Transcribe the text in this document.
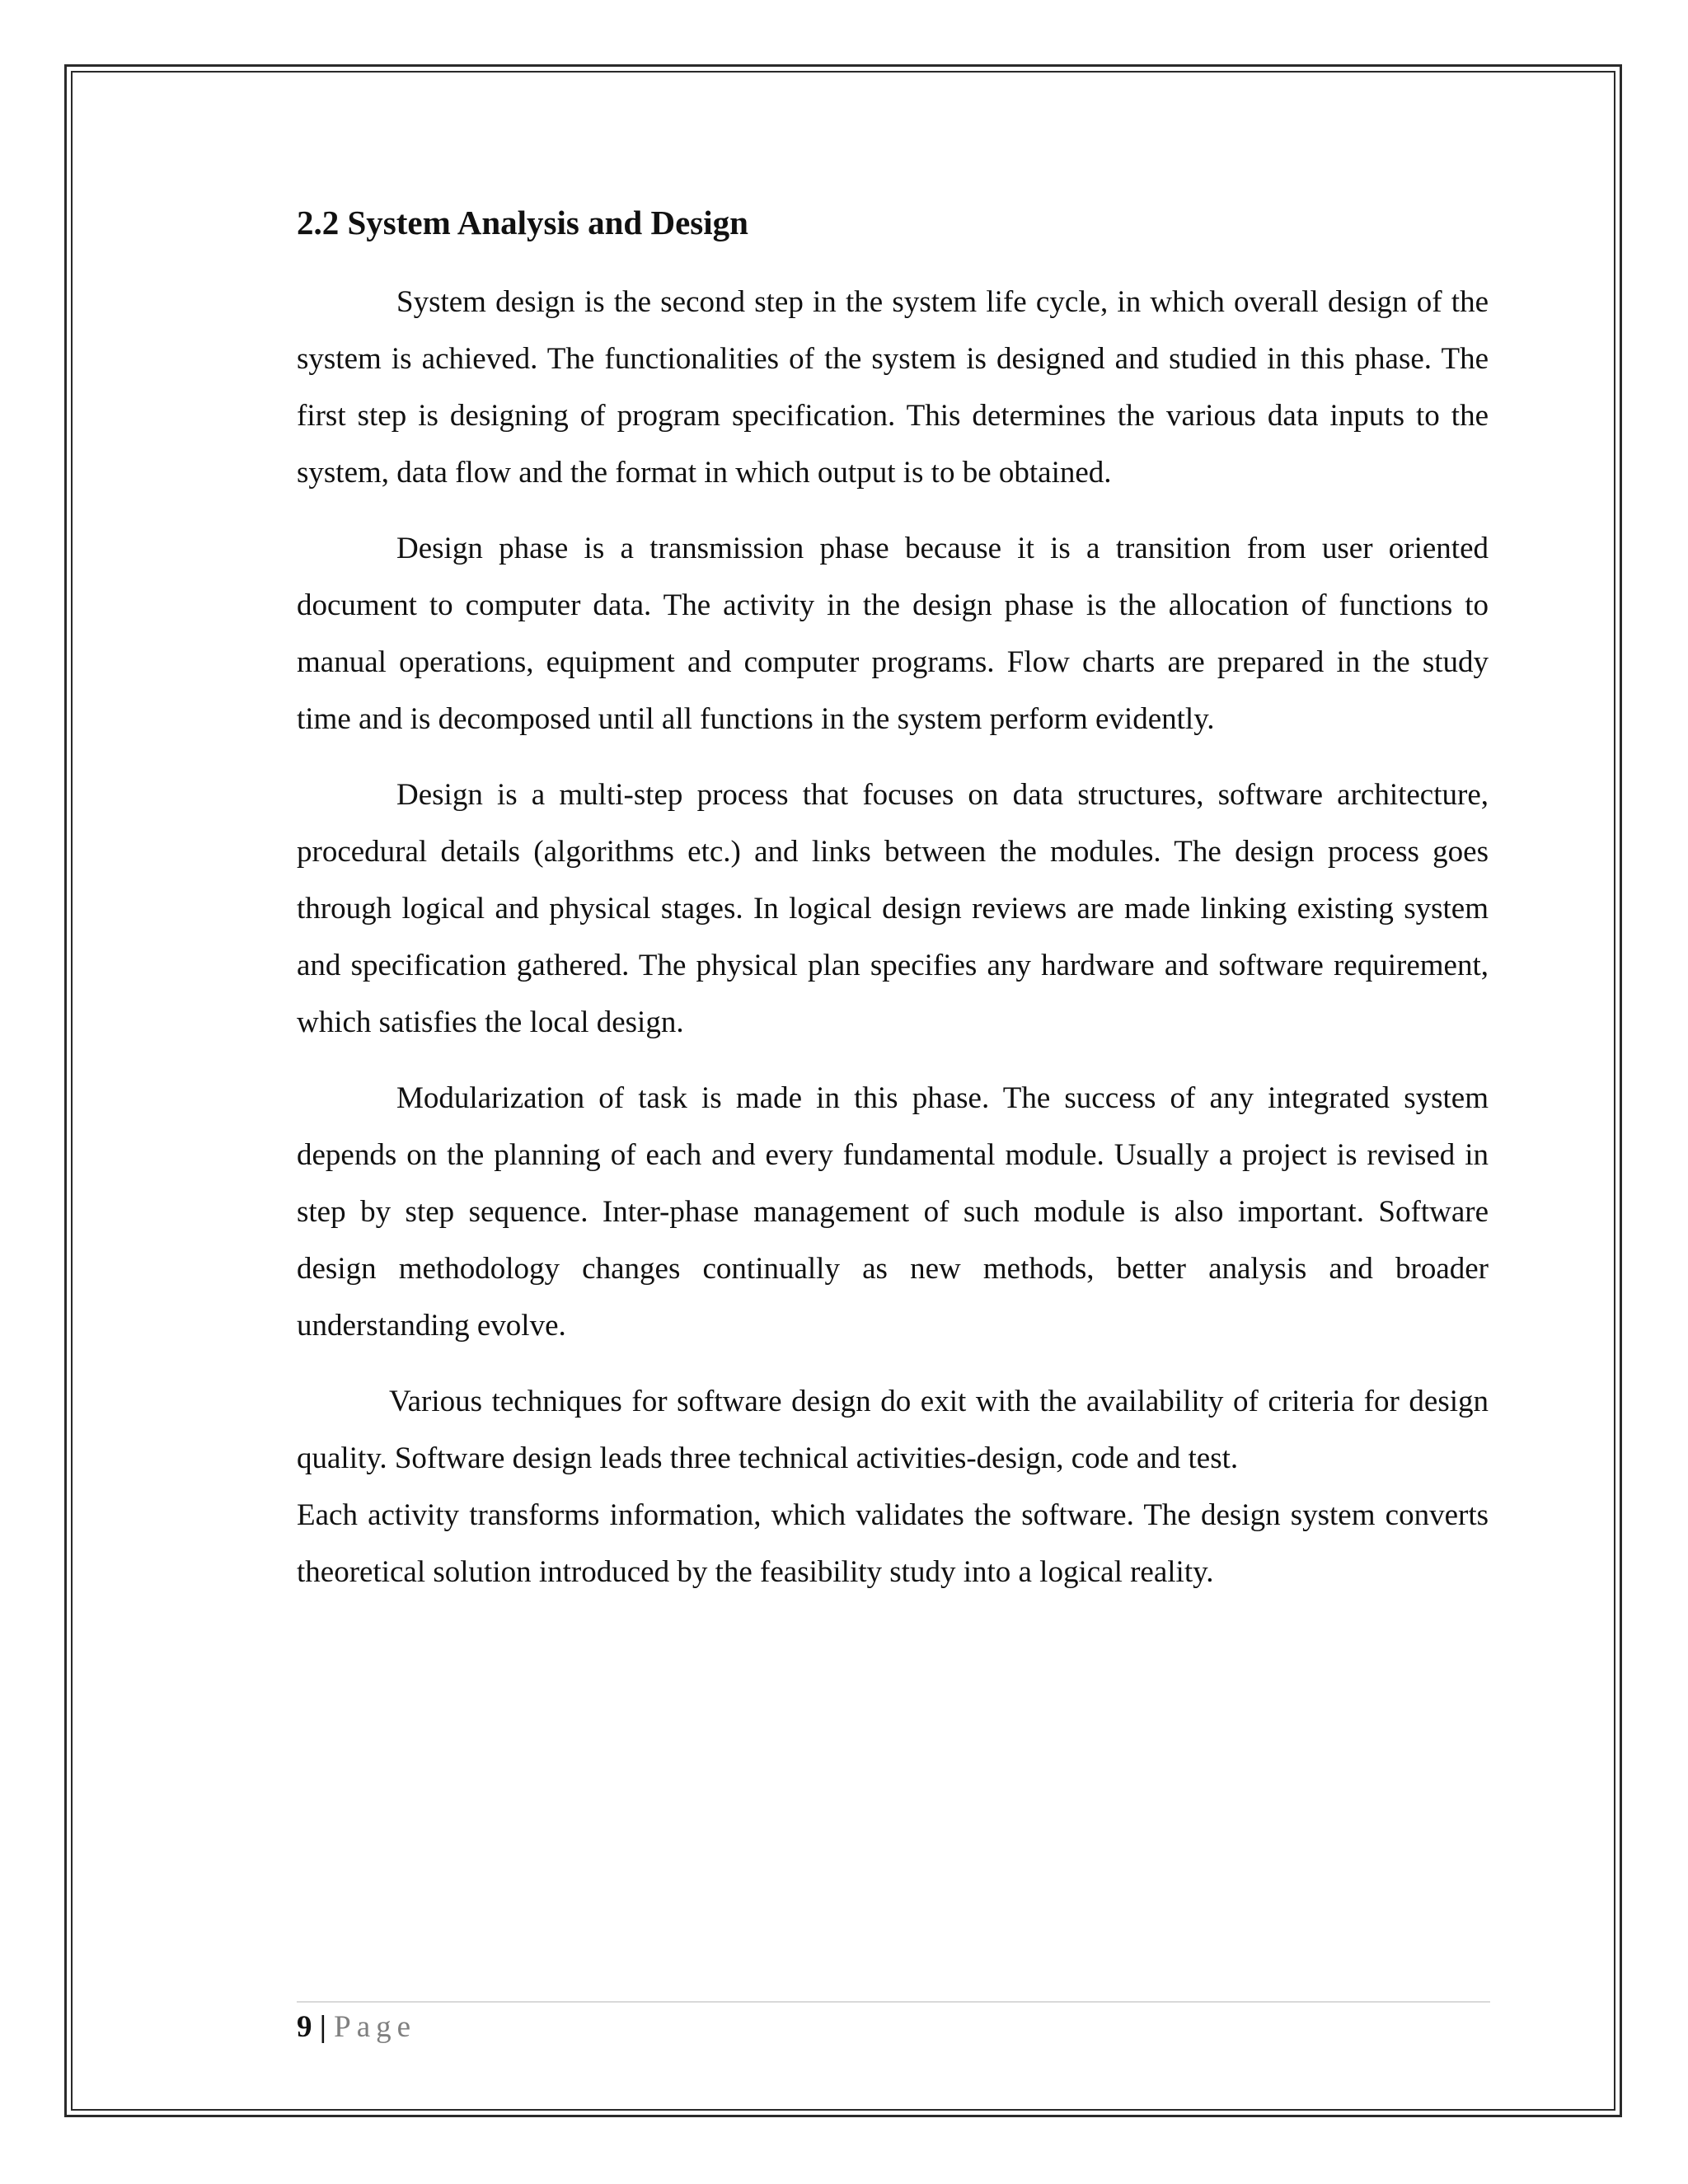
2.2 System Analysis and Design

System design is the second step in the system life cycle, in which overall design of the system is achieved. The functionalities of the system is designed and studied in this phase. The first step is designing of program specification. This determines the various data inputs to the system, data flow and the format in which output is to be obtained.

Design phase is a transmission phase because it is a transition from user oriented document to computer data. The activity in the design phase is the allocation of functions to manual operations, equipment and computer programs. Flow charts are prepared in the study time and is decomposed until all functions in the system perform evidently.

Design is a multi-step process that focuses on data structures, software architecture, procedural details (algorithms etc.) and links between the modules. The design process goes through logical and physical stages. In logical design reviews are made linking existing system and specification gathered. The physical plan specifies any hardware and software requirement, which satisfies the local design.

Modularization of task is made in this phase. The success of any integrated system depends on the planning of each and every fundamental module. Usually a project is revised in step by step sequence. Inter-phase management of such module is also important. Software design methodology changes continually as new methods, better analysis and broader understanding evolve.

Various techniques for software design do exit with the availability of criteria for design quality. Software design leads three technical activities-design, code and test.

Each activity transforms information, which validates the software. The design system converts theoretical solution introduced by the feasibility study into a logical reality.

9 | Page
